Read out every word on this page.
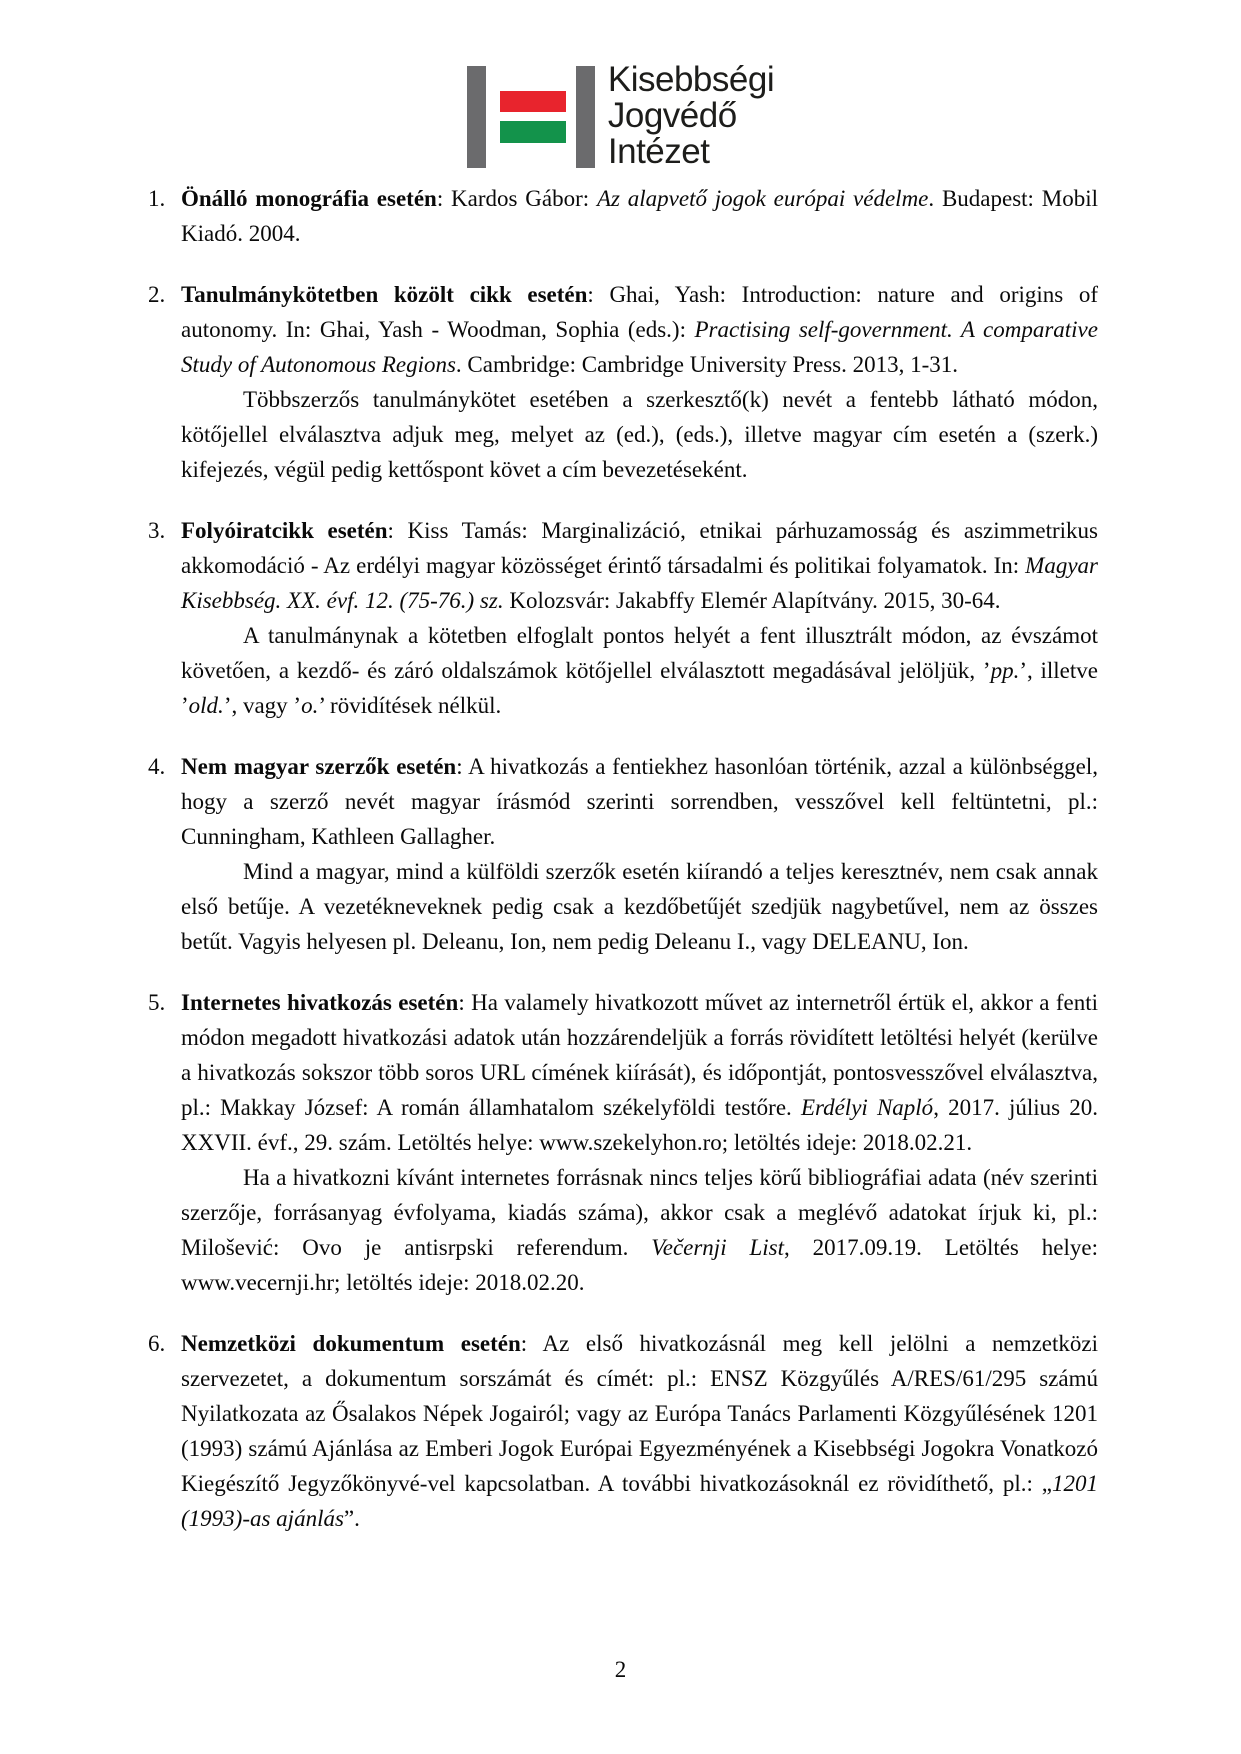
Kisebbségi
Jogvédő
Intézet
1. Önálló monográfia esetén: Kardos Gábor: Az alapvető jogok európai védelme. Budapest: Mobil Kiadó. 2004.

2. Tanulmánykötetben közölt cikk esetén: Ghai, Yash: Introduction: nature and origins of autonomy. In: Ghai, Yash - Woodman, Sophia (eds.): Practising self-government. A comparative Study of Autonomous Regions. Cambridge: Cambridge University Press. 2013, 1-31.

Többszerzős tanulmánykötet esetében a szerkesztő(k) nevét a fentebb látható módon, kötőjellel elválasztva adjuk meg, melyet az (ed.), (eds.), illetve magyar cím esetén a (szerk.) kifejezés, végül pedig kettőspont követ a cím bevezetéseként.

3. Folyóiratcikk esetén: Kiss Tamás: Marginalizáció, etnikai párhuzamosság és aszimmetrikus akkomodáció - Az erdélyi magyar közösséget érintő társadalmi és politikai folyamatok. In: Magyar Kisebbség. XX. évf. 12. (75-76.) sz. Kolozsvár: Jakabffy Elemér Alapítvány. 2015, 30-64.

A tanulmánynak a kötetben elfoglalt pontos helyét a fent illusztrált módon, az évszámot követően, a kezdő- és záró oldalszámok kötőjellel elválasztott megadásával jelöljük, ’pp.’, illetve ’old.’, vagy ’o.’ rövidítések nélkül.

4. Nem magyar szerzők esetén: A hivatkozás a fentiekhez hasonlóan történik, azzal a különbséggel, hogy a szerző nevét magyar írásmód szerinti sorrendben, vesszővel kell feltüntetni, pl.: Cunningham, Kathleen Gallagher.

Mind a magyar, mind a külföldi szerzők esetén kiírandó a teljes keresztnév, nem csak annak első betűje. A vezetékneveknek pedig csak a kezdőbetűjét szedjük nagybetűvel, nem az összes betűt. Vagyis helyesen pl. Deleanu, Ion, nem pedig Deleanu I., vagy DELEANU, Ion.

5. Internetes hivatkozás esetén: Ha valamely hivatkozott művet az internetről értük el, akkor a fenti módon megadott hivatkozási adatok után hozzárendeljük a forrás rövidített letöltési helyét (kerülve a hivatkozás sokszor több soros URL címének kiírását), és időpontját, pontosvesszővel elválasztva, pl.: Makkay József: A román államhatalom székelyföldi testőre. Erdélyi Napló, 2017. július 20. XXVII. évf., 29. szám. Letöltés helye: www.szekelyhon.ro; letöltés ideje: 2018.02.21.

Ha a hivatkozni kívánt internetes forrásnak nincs teljes körű bibliográfiai adata (név szerinti szerzője, forrásanyag évfolyama, kiadás száma), akkor csak a meglévő adatokat írjuk ki, pl.: Milošević: Ovo je antisrpski referendum. Večernji List, 2017.09.19. Letöltés helye: www.vecernji.hr; letöltés ideje: 2018.02.20.

6. Nemzetközi dokumentum esetén: Az első hivatkozásnál meg kell jelölni a nemzetközi szervezetet, a dokumentum sorszámát és címét: pl.: ENSZ Közgyűlés A/RES/61/295 számú Nyilatkozata az Ősalakos Népek Jogairól; vagy az Európa Tanács Parlamenti Közgyűlésének 1201 (1993) számú Ajánlása az Emberi Jogok Európai Egyezményének a Kisebbségi Jogokra Vonatkozó Kiegészítő Jegyzőkönyvé-vel kapcsolatban. A további hivatkozásoknál ez rövidíthető, pl.: „1201 (1993)-as ajánlás”.

2
